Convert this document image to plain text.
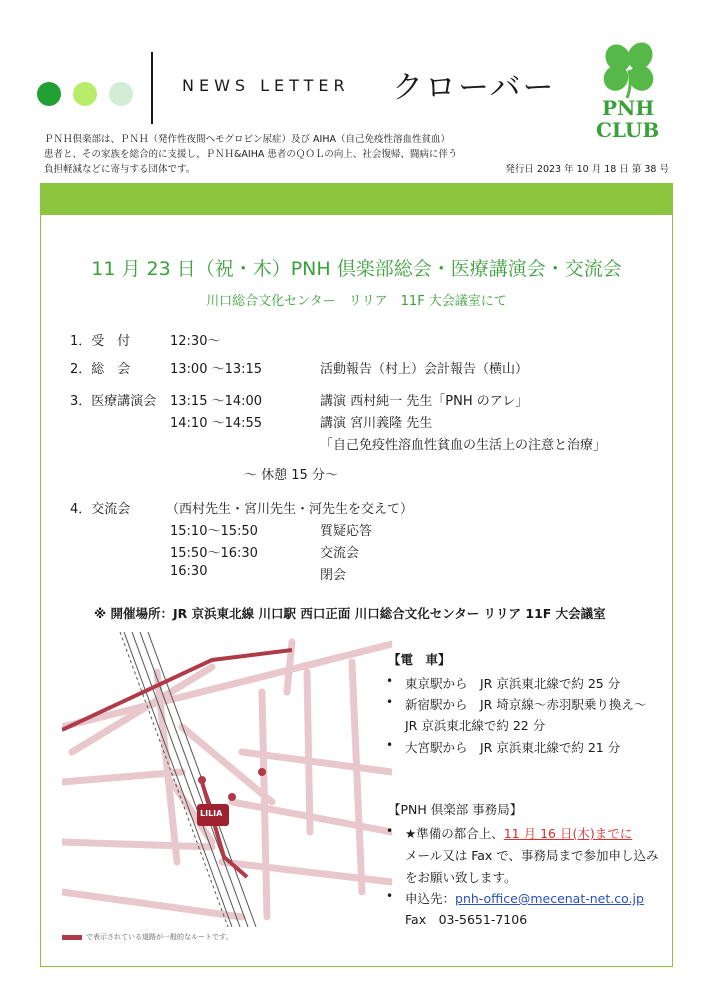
NEWS LETTER クローバー
PNH
CLUB
ＰＮＨ倶楽部は、ＰＮＨ（発作性夜間へモグロビン尿症）及び AIHA（自己免疫性溶血性貧血）
患者と、その家族を総合的に支援し、ＰＮＨ&AIHA 患者のＱＯＬの向上、社会復帰、闘病に伴う
負担軽減などに寄与する団体です。	発行日 2023 年 10 月 18 日 第 38 号
11 月 23 日（祝・木）PNH 倶楽部総会・医療講演会・交流会
川口総合文化センター　リリア　11F 大会議室にて
1．受　付	12:30～
2．総　会	13:00 ～13:15	活動報告（村上）会計報告（横山）
3．医療講演会 13:15 ～14:00	講演 西村純一 先生「PNH のアレ」
14:10 ～14:55	講演 宮川義隆 先生
「自己免疫性溶血性貧血の生活上の注意と治療」
～ 休憩 15 分～
4．交流会	（西村先生・宮川先生・河先生を交えて）
15:10～15:50	質疑応答
15:50～16:30	交流会
16:30	閉会
※ 開催場所：JR 京浜東北線 川口駅 西口正面 川口総合文化センター リリア 11F 大会議室
LILIA
で表示されている道路が一般的なルートです。
【電　車】
• 東京駅から　JR 京浜東北線で約 25 分
• 新宿駅から　JR 埼京線～赤羽駅乗り換え～
JR 京浜東北線で約 22 分
• 大宮駅から　JR 京浜東北線で約 21 分
【PNH 倶楽部 事務局】
• ★準備の都合上、11 月 16 日(木)までに
メール又は Fax で、事務局まで参加申し込み
をお願い致します。
• 申込先：pnh-office@mecenat-net.co.jp
Fax　03-5651-7106
